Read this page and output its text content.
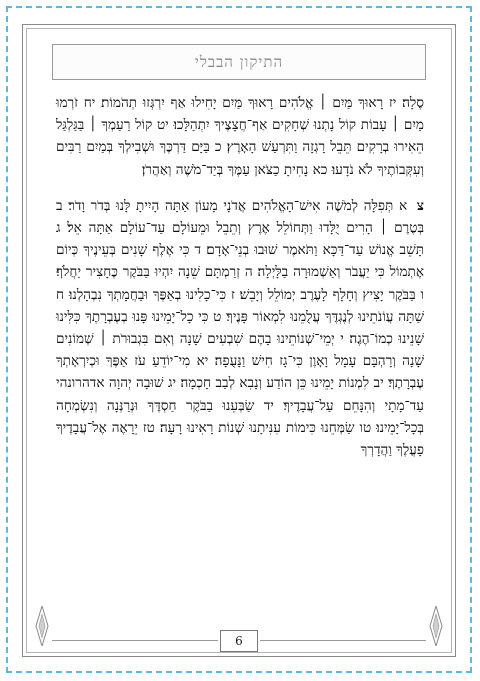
התיקון הבבלי

סֶלָה׃ יז רָאוּךָ מַּיִם ׀ אֱלֹהִים רָאוּךָ מַּיִם יָחִילוּ אַף יִרְגְּזוּ תְהֹמוֹת׃ יח זֹרְמוּ מַיִם ׀ עָבוֹת קוֹל נָתְנוּ שְׁחָקִים אַף־חֲצָצֶיךָ יִתְהַלָּכוּ׃ יט קוֹל רַעַמְךָ ׀ בַּגַּלְגַּל הֵאִירוּ בְרָקִים תֵּבֵל רָגְזָה וַתִּרְעַשׁ הָאָרֶץ׃ כ בַּיָּם דַּרְכֶּךָ וּשְׁבִילְךָ בְּמַיִם רַבִּים וְעִקְּבוֹתֶיךָ לֹא נֹדָעוּ׃ כא נָחִיתָ כַצֹּאן עַמֶּךָ בְּיַד־מֹשֶׁה וְאַהֲרֹן׃

צ א תְּפִלָּה לְמֹשֶׁה אִישׁ־הָאֱלֹהִים אֲדֹנָי מָעוֹן אַתָּה הָיִיתָ לָּנוּ בְּדֹר וָדֹר׃ ב בְּטֶרֶם ׀ הָרִים יֻלָּדוּ וַתְּחוֹלֵל אֶרֶץ וְתֵבֵל וּמֵעוֹלָם עַד־עוֹלָם אַתָּה אֵל׃ ג תָּשֵׁב אֱנוֹשׁ עַד־דַּכָּא וַתֹּאמֶר שׁוּבוּ בְנֵי־אָדָם׃ ד כִּי אֶלֶף שָׁנִים בְּעֵינֶיךָ כְּיוֹם אֶתְמוֹל כִּי יַעֲבֹר וְאַשְׁמוּרָה בַלָּיְלָה׃ ה זְרַמְתָּם שֵׁנָה יִהְיוּ בַּבֹּקֶר כֶּחָצִיר יַחֲלֹף׃ ו בַּבֹּקֶר יָצִיץ וְחָלָף לָעֶרֶב יְמוֹלֵל וְיָבֵשׁ׃ ז כִּי־כָלִינוּ בְאַפֶּךָ וּבַחֲמָתְךָ נִבְהָלְנוּ׃ ח שַׁתָּה עֲוֹנֹתֵינוּ לְנֶגְדֶּךָ עֲלֻמֵנוּ לִמְאוֹר פָּנֶיךָ׃ ט כִּי כָל־יָמֵינוּ פָּנוּ בְעֶבְרָתֶךָ כִּלִּינוּ שָׁנֵינוּ כְמוֹ־הֶגֶה׃ י יְמֵי־שְׁנוֹתֵינוּ בָהֶם שִׁבְעִים שָׁנָה וְאִם בִּגְבוּרֹת ׀ שְׁמוֹנִים שָׁנָה וְרָהְבָּם עָמָל וָאָוֶן כִּי־גָז חִישׁ וַנָּעֻפָה׃ יא מִי־יוֹדֵעַ עֹז אַפֶּךָ וּכְיִרְאָתְךָ עֶבְרָתֶךָ׃ יב לִמְנוֹת יָמֵינוּ כֵּן הוֹדַע וְנָבִא לְבַב חָכְמָה׃ יג שׁוּבָה יְהוָה אדהרונהי עַד־מָתָי וְהִנָּחֵם עַל־עֲבָדֶיךָ׃ יד שַׂבְּעֵנוּ בַבֹּקֶר חַסְדֶּךָ וּנְרַנְּנָה וְנִשְׂמְחָה בְּכָל־יָמֵינוּ׃ טו שַׂמְּחֵנוּ כִּימוֹת עִנִּיתָנוּ שְׁנוֹת רָאִינוּ רָעָה׃ טז יֵרָאֶה אֶל־עֲבָדֶיךָ פָעֳלֶךָ וַהֲדָרְךָ

6
